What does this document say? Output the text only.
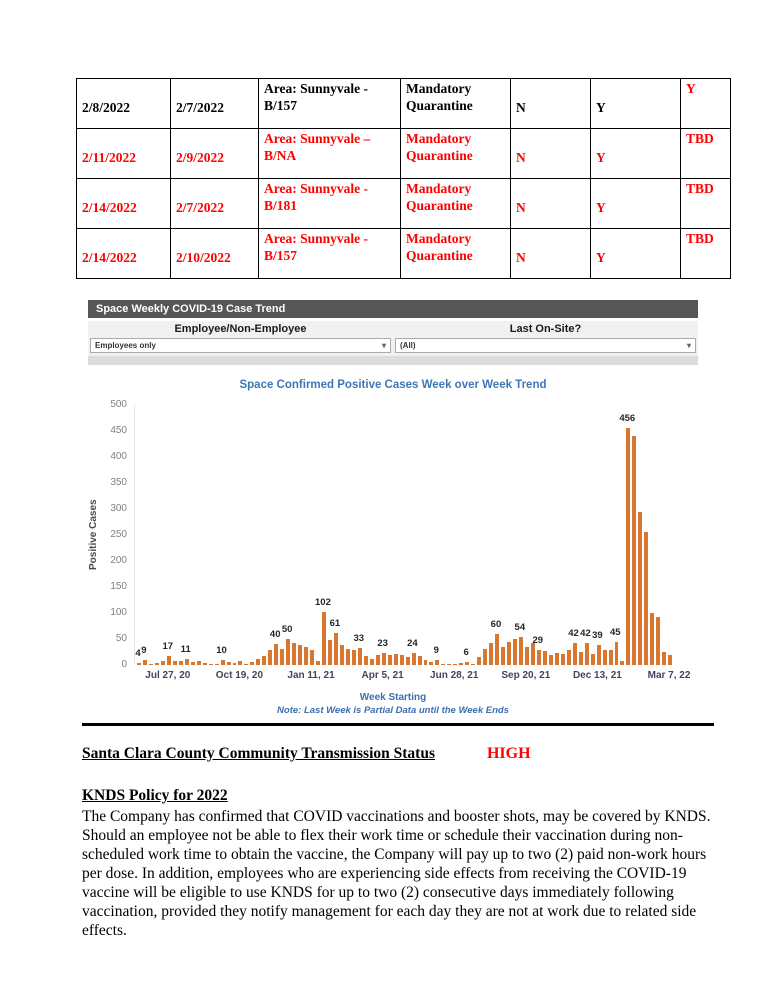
2/8/2022	2/7/2022	Area: Sunnyvale - B/157	Mandatory Quarantine	N	Y	Y
2/11/2022	2/9/2022	Area: Sunnyvale – B/NA	Mandatory Quarantine	N	Y	TBD
2/14/2022	2/7/2022	Area: Sunnyvale - B/181	Mandatory Quarantine	N	Y	TBD
2/14/2022	2/10/2022	Area: Sunnyvale - B/157	Mandatory Quarantine	N	Y	TBD
Space Weekly COVID-19 Case Trend
Employee/Non-Employee
Employees only	▾
Last On-Site?
(All)	▾
Space Confirmed Positive Cases Week over Week Trend
Positive Cases
0
50
100
150
200
250
300
350
400
450
500
4 9 17 11	10
40 50
102
61
33 23 24
9	6
60 54
29
42 42 39 45
456
Jul 27, 20	Oct 19, 20 Jan 11, 21	Apr 5, 21	Jun 28, 21 Sep 20, 21 Dec 13, 21	Mar 7, 22
Week Starting
Note: Last Week is Partial Data until the Week Ends
Santa Clara County Community Transmission Status	HIGH
KNDS Policy for 2022

The Company has confirmed that COVID vaccinations and booster shots, may be covered by KNDS. Should an employee not be able to flex their work time or schedule their vaccination during non-scheduled work time to obtain the vaccine, the Company will pay up to two (2) paid non-work hours per dose. In addition, employees who are experiencing side effects from receiving the COVID-19 vaccine will be eligible to use KNDS for up to two (2) consecutive days immediately following vaccination, provided they notify management for each day they are not at work due to related side effects.
